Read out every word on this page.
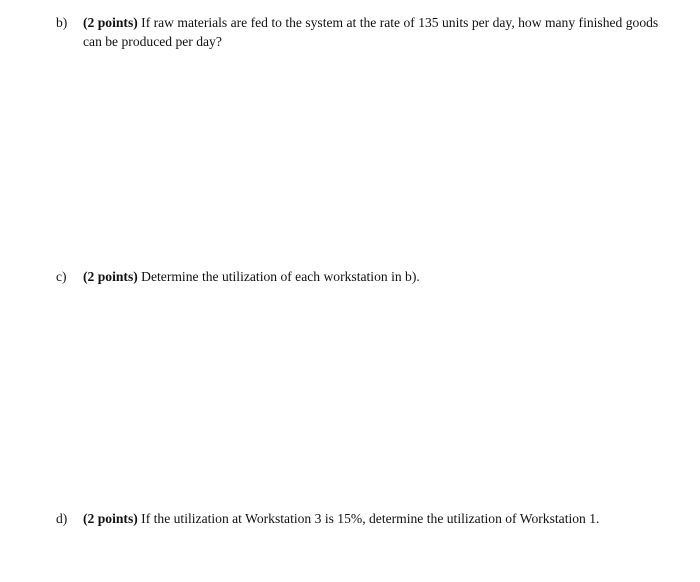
b) (2 points) If raw materials are fed to the system at the rate of 135 units per day, how many finished goods can be produced per day?
c) (2 points) Determine the utilization of each workstation in b).
d) (2 points) If the utilization at Workstation 3 is 15%, determine the utilization of Workstation 1.
